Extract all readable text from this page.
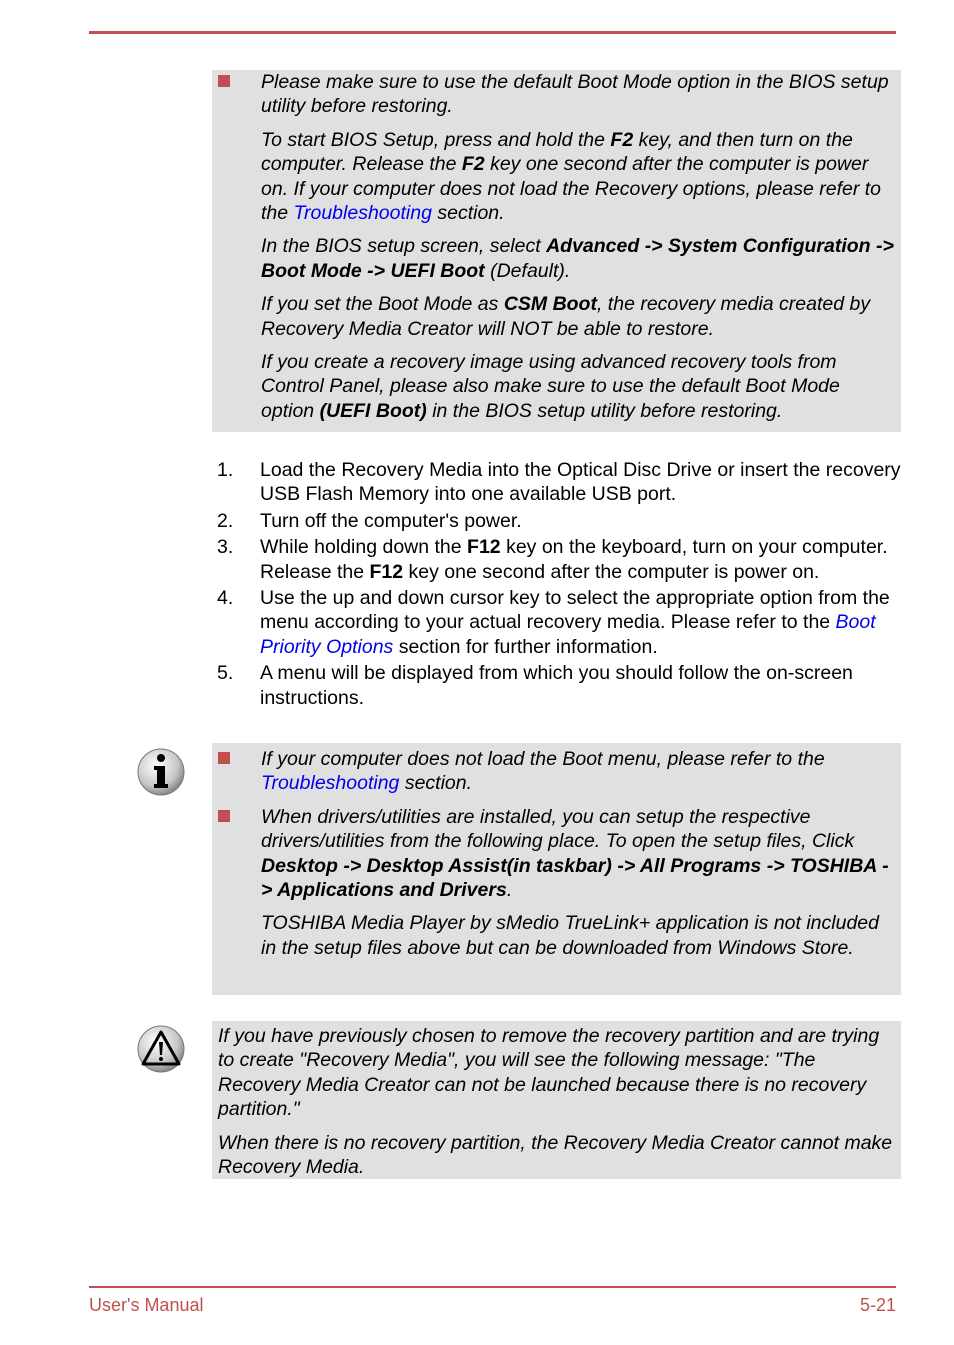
Please make sure to use the default Boot Mode option in the BIOS setup utility before restoring.

To start BIOS Setup, press and hold the F2 key, and then turn on the computer. Release the F2 key one second after the computer is power on. If your computer does not load the Recovery options, please refer to the Troubleshooting section.

In the BIOS setup screen, select Advanced -> System Configuration -> Boot Mode -> UEFI Boot (Default).

If you set the Boot Mode as CSM Boot, the recovery media created by Recovery Media Creator will NOT be able to restore.

If you create a recovery image using advanced recovery tools from Control Panel, please also make sure to use the default Boot Mode option (UEFI Boot) in the BIOS setup utility before restoring.

1. Load the Recovery Media into the Optical Disc Drive or insert the recovery USB Flash Memory into one available USB port.
2. Turn off the computer's power.
3. While holding down the F12 key on the keyboard, turn on your computer. Release the F12 key one second after the computer is power on.
4. Use the up and down cursor key to select the appropriate option from the menu according to your actual recovery media. Please refer to the Boot Priority Options section for further information.
5. A menu will be displayed from which you should follow the on-screen instructions.

If your computer does not load the Boot menu, please refer to the Troubleshooting section.

When drivers/utilities are installed, you can setup the respective drivers/utilities from the following place. To open the setup files, Click Desktop -> Desktop Assist(in taskbar) -> All Programs -> TOSHIBA -> Applications and Drivers.

TOSHIBA Media Player by sMedio TrueLink+ application is not included in the setup files above but can be downloaded from Windows Store.

If you have previously chosen to remove the recovery partition and are trying to create "Recovery Media", you will see the following message: "The Recovery Media Creator can not be launched because there is no recovery partition."

When there is no recovery partition, the Recovery Media Creator cannot make Recovery Media.

User's Manual	5-21
